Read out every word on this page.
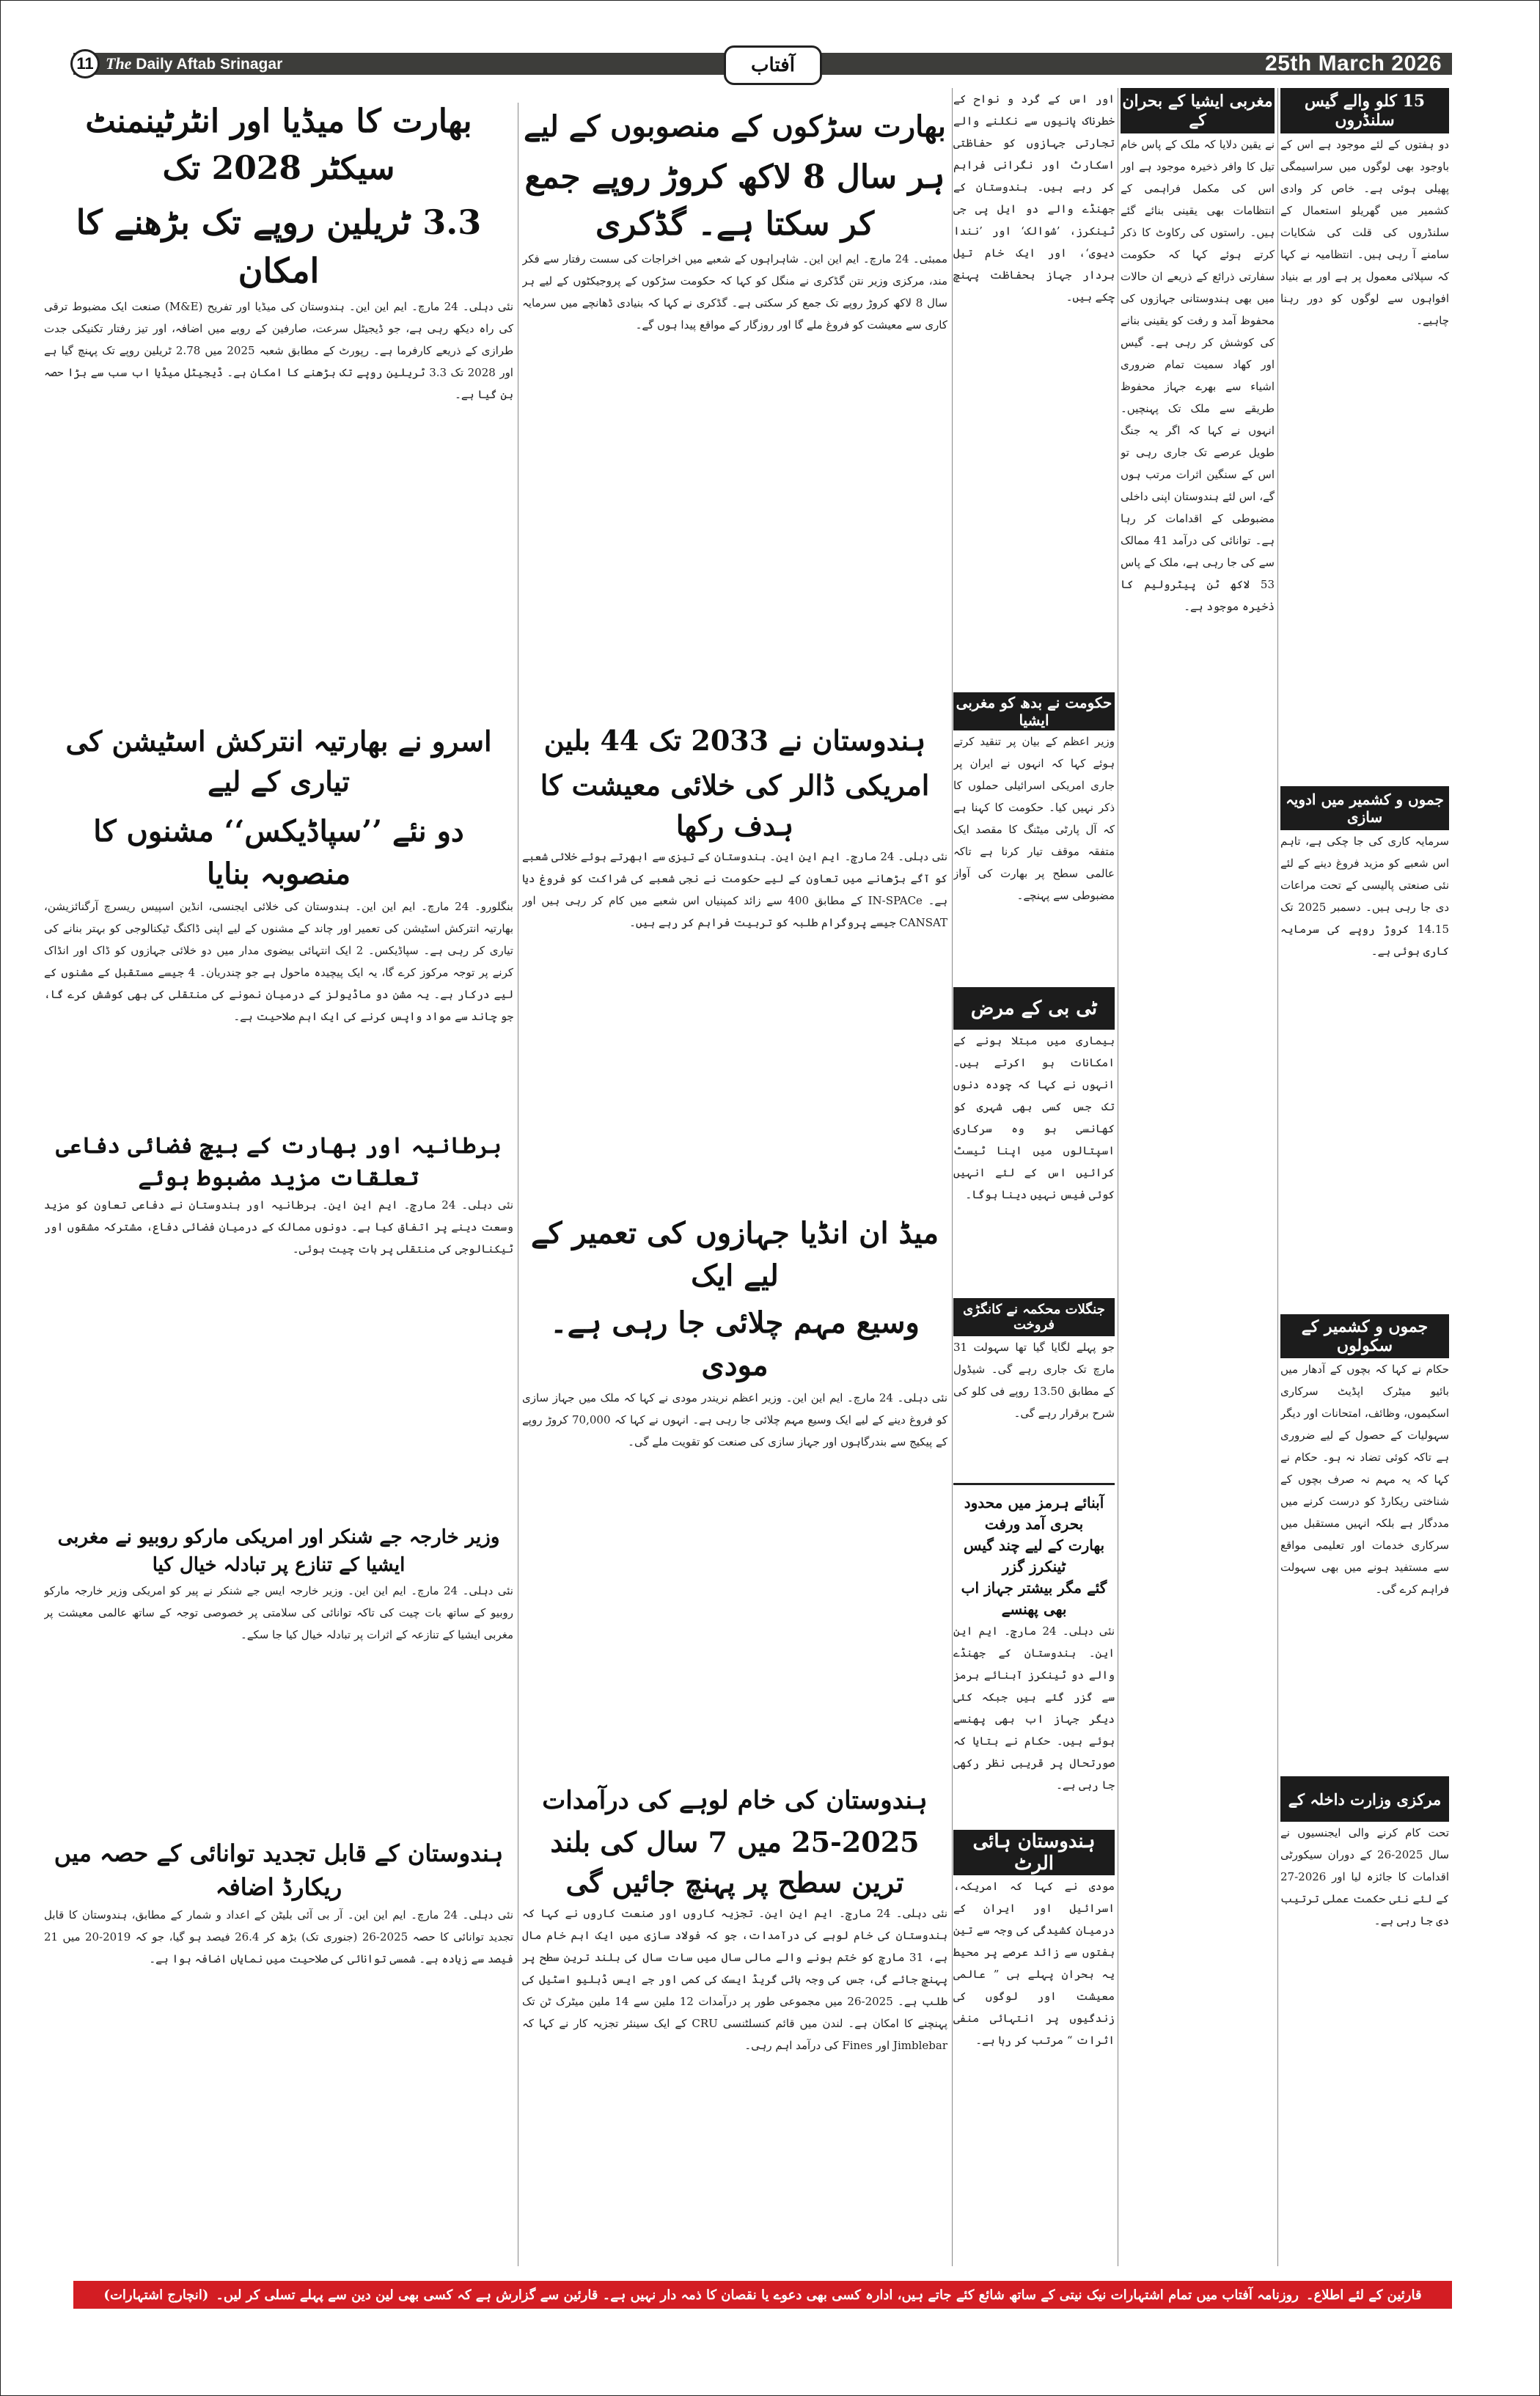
11 The Daily Aftab Srinagar	25th March 2026
آفتاب
بھارت کا میڈیا اور انٹرٹینمنٹ سیکٹر 2028 تک
3.3 ٹریلین روپے تک بڑھنے کا امکان
نئی دہلی۔ 24 مارچ۔ ایم این این۔ ہندوستان کی میڈیا اور تفریح (M&E) صنعت ایک مضبوط ترقی کی راہ دیکھ رہی ہے، جو ڈیجیٹل سرعت، صارفین کے رویے میں اضافہ، اور تیز رفتار تکنیکی جدت طرازی کے ذریعے کارفرما ہے۔ رپورٹ کے مطابق شعبہ 2025 میں 2.78 ٹریلین روپے تک پہنچ گیا ہے اور 2028 تک 3.3 ٹریلین روپے تک بڑھنے کا امکان ہے۔ ڈیجیٹل میڈیا اب سب سے بڑا حصہ بن گیا ہے۔
اسرو نے بھارتیہ انترکش اسٹیشن کی تیاری کے لیے
دو نئے ’’سپاڈیکس‘‘ مشنوں کا منصوبہ بنایا
بنگلورو۔ 24 مارچ۔ ایم این این۔ ہندوستان کی خلائی ایجنسی، انڈین اسپیس ریسرچ آرگنائزیشن، بھارتیہ انترکش اسٹیشن کی تعمیر اور چاند کے مشنوں کے لیے اپنی ڈاکنگ ٹیکنالوجی کو بہتر بنانے کی تیاری کر رہی ہے۔ سپاڈیکس۔ 2 ایک انتہائی بیضوی مدار میں دو خلائی جہازوں کو ڈاک اور انڈاک کرنے پر توجہ مرکوز کرے گا، یہ ایک پیچیدہ ماحول ہے جو چندریان۔ 4 جیسے مستقبل کے مشنوں کے لیے درکار ہے۔ یہ مشن دو ماڈیولز کے درمیان نمونے کی منتقلی کی بھی کوشش کرے گا، جو چاند سے مواد واپس کرنے کی ایک اہم صلاحیت ہے۔
برطانیہ اور بھارت کے بیچ فضائی دفاعی تعلقات مزید مضبوط ہوئے
نئی دہلی۔ 24 مارچ۔ ایم این این۔ برطانیہ اور ہندوستان نے دفاعی تعاون کو مزید وسعت دینے پر اتفاق کیا ہے۔ دونوں ممالک کے درمیان فضائی دفاع، مشترکہ مشقوں اور ٹیکنالوجی کی منتقلی پر بات چیت ہوئی۔
وزیر خارجہ جے شنکر اور امریکی مارکو روبیو نے مغربی ایشیا کے تنازع پر تبادلہ خیال کیا
نئی دہلی۔ 24 مارچ۔ ایم این این۔ وزیر خارجہ ایس جے شنکر نے پیر کو امریکی وزیر خارجہ مارکو روبیو کے ساتھ بات چیت کی تاکہ توانائی کی سلامتی پر خصوصی توجہ کے ساتھ عالمی معیشت پر مغربی ایشیا کے تنازعہ کے اثرات پر تبادلہ خیال کیا جا سکے۔
ہندوستان کے قابل تجدید توانائی کے حصہ میں ریکارڈ اضافہ
نئی دہلی۔ 24 مارچ۔ ایم این این۔ آر بی آئی بلیٹن کے اعداد و شمار کے مطابق، ہندوستان کا قابل تجدید توانائی کا حصہ 2025-26 (جنوری تک) بڑھ کر 26.4 فیصد ہو گیا، جو کہ 2019-20 میں 21 فیصد سے زیادہ ہے۔ شمسی توانائی کی صلاحیت میں نمایاں اضافہ ہوا ہے۔
بھارت سڑکوں کے منصوبوں کے لیے
ہر سال 8 لاکھ کروڑ روپے جمع کر سکتا ہے۔ گڈکری
ممبئی۔ 24 مارچ۔ ایم این این۔ شاہراہوں کے شعبے میں اخراجات کی سست رفتار سے فکر مند، مرکزی وزیر نتن گڈکری نے منگل کو کہا کہ حکومت سڑکوں کے پروجیکٹوں کے لیے ہر سال 8 لاکھ کروڑ روپے تک جمع کر سکتی ہے۔ گڈکری نے کہا کہ بنیادی ڈھانچے میں سرمایہ کاری سے معیشت کو فروغ ملے گا اور روزگار کے مواقع پیدا ہوں گے۔
ہندوستان نے 2033 تک 44 بلین
امریکی ڈالر کی خلائی معیشت کا ہدف رکھا
نئی دہلی۔ 24 مارچ۔ ایم این این۔ ہندوستان کے تیزی سے ابھرتے ہوئے خلائی شعبے کو آگے بڑھانے میں تعاون کے لیے حکومت نے نجی شعبے کی شراکت کو فروغ دیا ہے۔ IN-SPACe کے مطابق 400 سے زائد کمپنیاں اس شعبے میں کام کر رہی ہیں اور CANSAT جیسے پروگرام طلبہ کو تربیت فراہم کر رہے ہیں۔
میڈ ان انڈیا جہازوں کی تعمیر کے لیے ایک
وسیع مہم چلائی جا رہی ہے۔ مودی
نئی دہلی۔ 24 مارچ۔ ایم این این۔ وزیر اعظم نریندر مودی نے کہا کہ ملک میں جہاز سازی کو فروغ دینے کے لیے ایک وسیع مہم چلائی جا رہی ہے۔ انہوں نے کہا کہ 70,000 کروڑ روپے کے پیکیج سے بندرگاہوں اور جہاز سازی کی صنعت کو تقویت ملے گی۔
ہندوستان کی خام لوہے کی درآمدات
25-2025 میں 7 سال کی بلند ترین سطح پر پہنچ جائیں گی
نئی دہلی۔ 24 مارچ۔ ایم این این۔ تجزیہ کاروں اور صنعت کاروں نے کہا کہ ہندوستان کی خام لوہے کی درآمدات، جو کہ فولاد سازی میں ایک اہم خام مال ہے، 31 مارچ کو ختم ہونے والے مالی سال میں سات سال کی بلند ترین سطح پر پہنچ جائے گی، جس کی وجہ ہائی گریڈ ایسک کی کمی اور جے ایس ڈبلیو اسٹیل کی طلب ہے۔ 2025-26 میں مجموعی طور پر درآمدات 12 ملین سے 14 ملین میٹرک ٹن تک پہنچنے کا امکان ہے۔ لندن میں قائم کنسلٹنسی CRU کے ایک سینئر تجزیہ کار نے کہا کہ Jimblebar اور Fines کی درآمد اہم رہی۔
اور اس کے گرد و نواح کے خطرناک پانیوں سے نکلنے والے تجارتی جہازوں کو حفاظتی اسکارٹ اور نگرانی فراہم کر رہے ہیں۔ ہندوستان کے جھنڈے والے دو ایل پی جی ٹینکرز، ’شوالک‘ اور ’نندا دیوی‘، اور ایک خام تیل بردار جہاز بحفاظت پہنچ چکے ہیں۔
حکومت نے بدھ کو مغربی ایشیا
وزیر اعظم کے بیان پر تنقید کرتے ہوئے کہا کہ انہوں نے ایران پر جاری امریکی اسرائیلی حملوں کا ذکر نہیں کیا۔ حکومت کا کہنا ہے کہ آل پارٹی میٹنگ کا مقصد ایک متفقہ موقف تیار کرنا ہے تاکہ عالمی سطح پر بھارت کی آواز مضبوطی سے پہنچے۔
ٹی بی کے مرض
بیماری میں مبتلا ہونے کے امکانات ہو اکرتے ہیں۔ انہوں نے کہا کہ چودہ دنوں تک جس کسی بھی شہری کو کھانسی ہو وہ سرکاری اسپتالوں میں اپنا ٹیسٹ کرائیں اس کے لئے انہیں کوئی فیس نہیں دینا ہوگا۔
جنگلات محکمہ نے کانگڑی فروخت
جو پہلے لگایا گیا تھا سہولت 31 مارچ تک جاری رہے گی۔ شیڈول کے مطابق 13.50 روپے فی کلو کی شرح برقرار رہے گی۔
آبنائے ہرمز میں محدود
بحری آمد ورفت
بھارت کے لیے چند گیس ٹینکرز گزر
گئے مگر بیشتر جہاز اب بھی پھنسے
نئی دہلی۔ 24 مارچ۔ ایم این این۔ ہندوستان کے جھنڈے والے دو ٹینکرز آبنائے ہرمز سے گزر گئے ہیں جبکہ کئی دیگر جہاز اب بھی پھنسے ہوئے ہیں۔ حکام نے بتایا کہ صورتحال پر قریبی نظر رکھی جا رہی ہے۔
ہندوستان ہائی الرٹ
مودی نے کہا کہ امریکہ، اسرائیل اور ایران کے درمیان کشیدگی کی وجہ سے تین ہفتوں سے زائد عرصے پر محیط یہ بحران پہلے ہی ” عالمی معیشت اور لوگوں کی زندگیوں پر انتہائی منفی اثرات “ مرتب کر رہا ہے۔
مغربی ایشیا کے بحران کے
نے یقین دلایا کہ ملک کے پاس خام تیل کا وافر ذخیرہ موجود ہے اور اس کی مکمل فراہمی کے انتظامات بھی یقینی بنائے گئے ہیں۔ راستوں کی رکاوٹ کا ذکر کرتے ہوئے کہا کہ حکومت سفارتی ذرائع کے ذریعے ان حالات میں بھی ہندوستانی جہازوں کی محفوظ آمد و رفت کو یقینی بنانے کی کوشش کر رہی ہے۔ گیس اور کھاد سمیت تمام ضروری اشیاء سے بھرے جہاز محفوظ طریقے سے ملک تک پہنچیں۔ انہوں نے کہا کہ اگر یہ جنگ طویل عرصے تک جاری رہی تو اس کے سنگین اثرات مرتب ہوں گے، اس لئے ہندوستان اپنی داخلی مضبوطی کے اقدامات کر رہا ہے۔ توانائی کی درآمد 41 ممالک سے کی جا رہی ہے، ملک کے پاس 53 لاکھ ٹن پیٹرولیم کا ذخیرہ موجود ہے۔
15 کلو والے گیس سلنڈروں
دو ہفتوں کے لئے موجود ہے اس کے باوجود بھی لوگوں میں سراسیمگی پھیلی ہوئی ہے۔ خاص کر وادی کشمیر میں گھریلو استعمال کے سلنڈروں کی قلت کی شکایات سامنے آ رہی ہیں۔ انتظامیہ نے کہا کہ سپلائی معمول پر ہے اور بے بنیاد افواہوں سے لوگوں کو دور رہنا چاہیے۔
جموں و کشمیر میں ادویہ سازی
سرمایہ کاری کی جا چکی ہے، تاہم اس شعبے کو مزید فروغ دینے کے لئے نئی صنعتی پالیسی کے تحت مراعات دی جا رہی ہیں۔ دسمبر 2025 تک 14.15 کروڑ روپے کی سرمایہ کاری ہوئی ہے۔
جموں و کشمیر کے سکولوں
حکام نے کہا کہ بچوں کے آدھار میں بائیو میٹرک اپڈیٹ سرکاری اسکیموں، وظائف، امتحانات اور دیگر سہولیات کے حصول کے لیے ضروری ہے تاکہ کوئی تضاد نہ ہو۔ حکام نے کہا کہ یہ مہم نہ صرف بچوں کے شناختی ریکارڈ کو درست کرنے میں مددگار ہے بلکہ انہیں مستقبل میں سرکاری خدمات اور تعلیمی مواقع سے مستفید ہونے میں بھی سہولت فراہم کرے گی۔
مرکزی وزارت داخلہ کے
تحت کام کرنے والی ایجنسیوں نے سال 2025-26 کے دوران سیکورٹی اقدامات کا جائزہ لیا اور 2026-27 کے لئے نئی حکمت عملی ترتیب دی جا رہی ہے۔
قارئین کے لئے اطلاع۔
روزنامہ آفتاب میں تمام اشتہارات نیک نیتی کے ساتھ شائع کئے جاتے ہیں، ادارہ کسی بھی دعوے یا نقصان کا ذمہ دار نہیں ہے۔ قارئین سے گزارش ہے کہ کسی بھی لین دین سے پہلے تسلی کر لیں۔
(انچارج اشتہارات)
